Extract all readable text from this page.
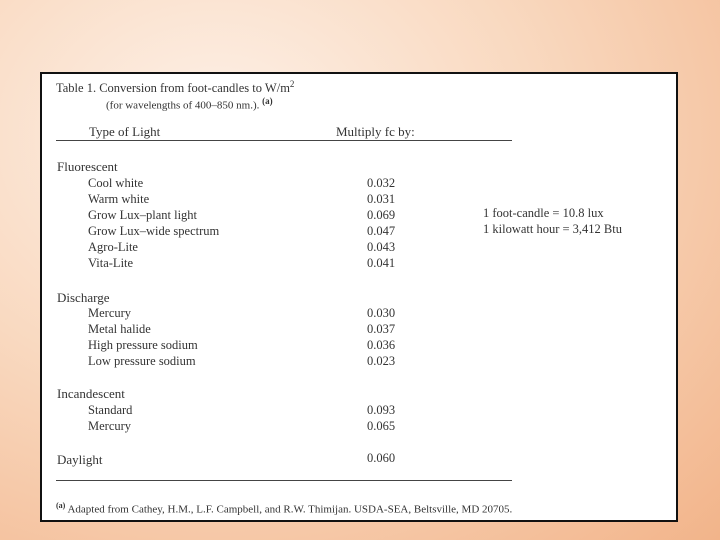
Table 1. Conversion from foot-candles to $W/m^2$
(for wavelengths of 400–850 nm.). $^{(a)}$
Type of Light	Multiply fc by:
Fluorescent
Cool white	0.032
Warm white	0.031
Grow Lux–plant light	0.069
Grow Lux–wide spectrum	0.047
Agro-Lite	0.043
Vita-Lite	0.041
1 foot-candle = 10.8 lux
1 kilowatt hour = 3,412 Btu
Discharge
Mercury	0.030
Metal halide	0.037
High pressure sodium	0.036
Low pressure sodium	0.023
Incandescent
Standard	0.093
Mercury	0.065
Daylight	0.060
$^{(a)}$ Adapted from Cathey, H.M., L.F. Campbell, and R.W. Thimijan. USDA-SEA, Beltsville, MD 20705.
